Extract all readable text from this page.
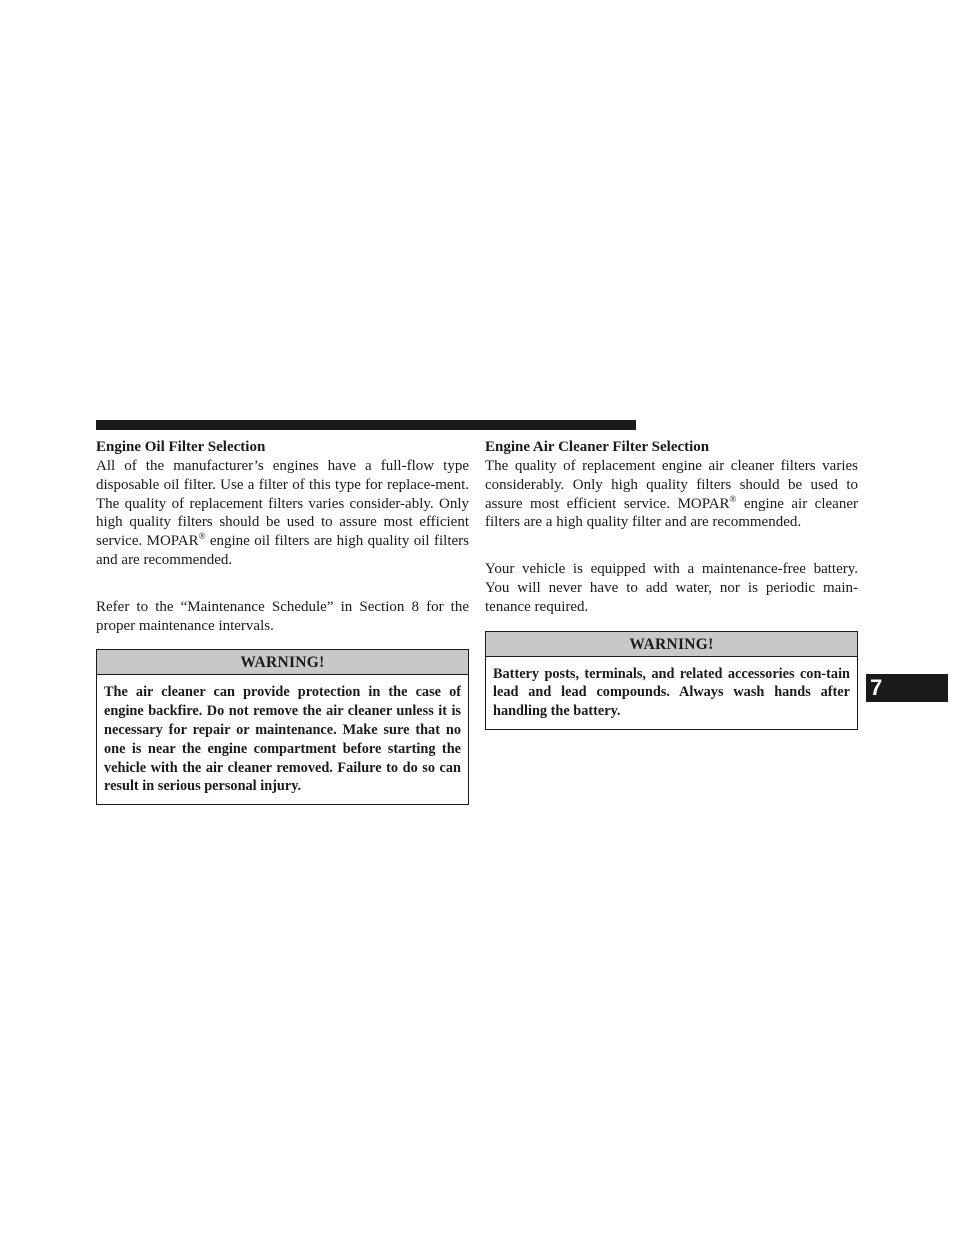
Engine Oil Filter Selection

All of the manufacturer’s engines have a full-flow type disposable oil filter. Use a filter of this type for replace-ment. The quality of replacement filters varies consider-ably. Only high quality filters should be used to assure most efficient service. MOPAR® engine oil filters are high quality oil filters and are recommended.

Refer to the “Maintenance Schedule” in Section 8 for the proper maintenance intervals.

WARNING!
The air cleaner can provide protection in the case of engine backfire. Do not remove the air cleaner unless it is necessary for repair or maintenance. Make sure that no one is near the engine compartment before starting the vehicle with the air cleaner removed. Failure to do so can result in serious personal injury.

Engine Air Cleaner Filter Selection

The quality of replacement engine air cleaner filters varies considerably. Only high quality filters should be used to assure most efficient service. MOPAR® engine air cleaner filters are a high quality filter and are recommended.

Your vehicle is equipped with a maintenance-free battery. You will never have to add water, nor is periodic main-tenance required.

WARNING!
Battery posts, terminals, and related accessories con-tain lead and lead compounds. Always wash hands after handling the battery.
7
